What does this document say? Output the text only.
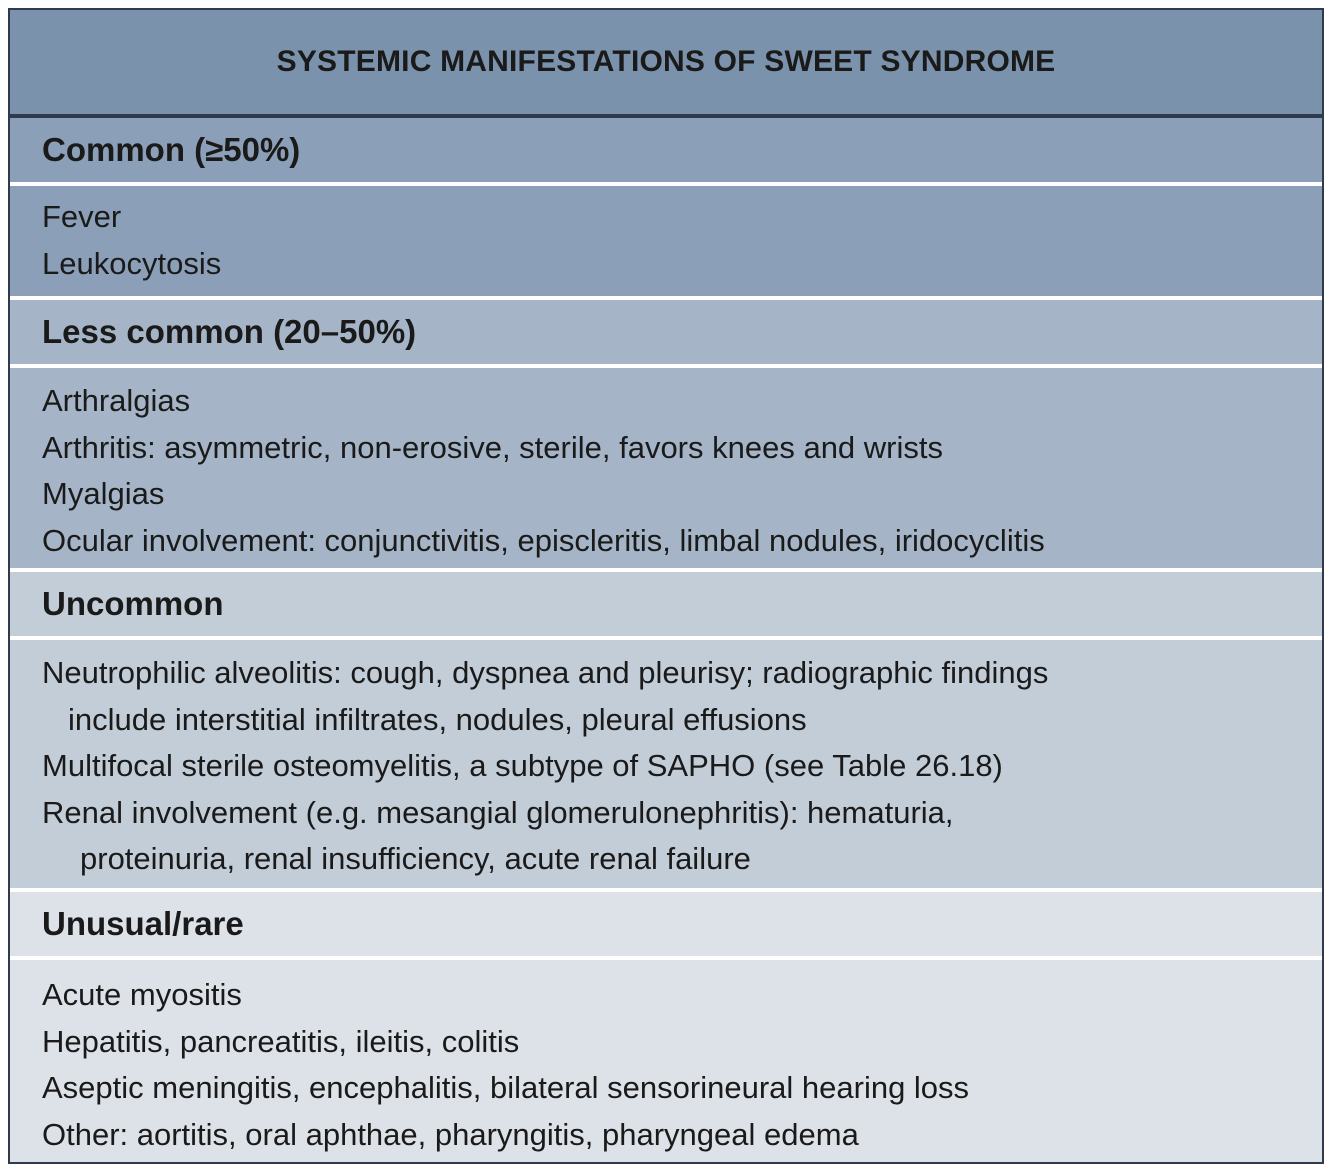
SYSTEMIC MANIFESTATIONS OF SWEET SYNDROME
Common (≥50%)
Fever
Leukocytosis
Less common (20–50%)
Arthralgias
Arthritis: asymmetric, non-erosive, sterile, favors knees and wrists
Myalgias
Ocular involvement: conjunctivitis, episcleritis, limbal nodules, iridocyclitis
Uncommon
Neutrophilic alveolitis: cough, dyspnea and pleurisy; radiographic findings
include interstitial infiltrates, nodules, pleural effusions
Multifocal sterile osteomyelitis, a subtype of SAPHO (see Table 26.18)
Renal involvement (e.g. mesangial glomerulonephritis): hematuria,
proteinuria, renal insufficiency, acute renal failure
Unusual/rare
Acute myositis
Hepatitis, pancreatitis, ileitis, colitis
Aseptic meningitis, encephalitis, bilateral sensorineural hearing loss
Other: aortitis, oral aphthae, pharyngitis, pharyngeal edema
